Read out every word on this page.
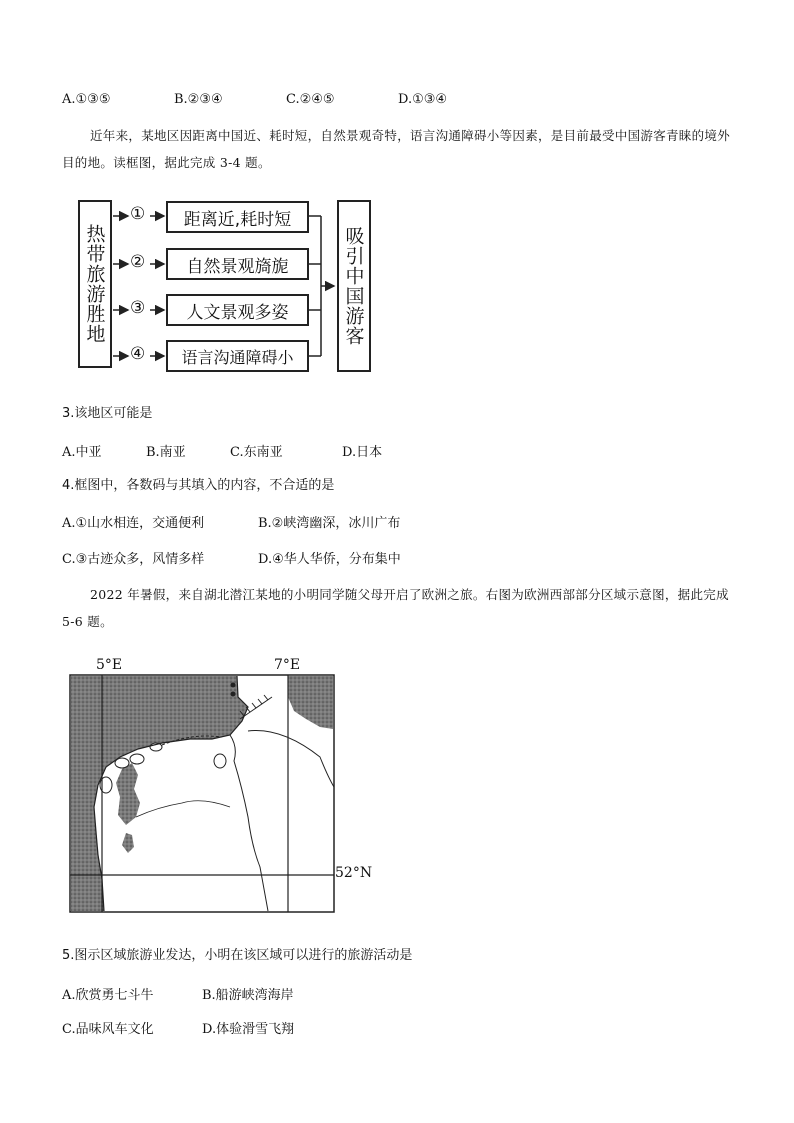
A.①③⑤	B.②③④	C.②④⑤	D.①③④
近年来，某地区因距离中国近、耗时短，自然景观奇特，语言沟通障碍小等因素，是目前最受中国游客青睐的境外目的地。读框图，据此完成 3-4 题。
热带旅游胜地
①
②
③
④
距离近,耗时短
自然景观旖旎
人文景观多姿
语言沟通障碍小
吸引中国游客
3.该地区可能是
A.中亚	B.南亚	C.东南亚	D.日本
4.框图中，各数码与其填入的内容，不合适的是
A.①山水相连，交通便利	B.②峡湾幽深，冰川广布
C.③古迹众多，风情多样	D.④华人华侨，分布集中
2022 年暑假，来自湖北潜江某地的小明同学随父母开启了欧洲之旅。右图为欧洲西部部分区域示意图，据此完成 5-6 题。
5°E	7°E
52°N
5.图示区域旅游业发达，小明在该区域可以进行的旅游活动是
A.欣赏勇七斗牛	B.船游峡湾海岸
C.品味风车文化	D.体验滑雪飞翔
